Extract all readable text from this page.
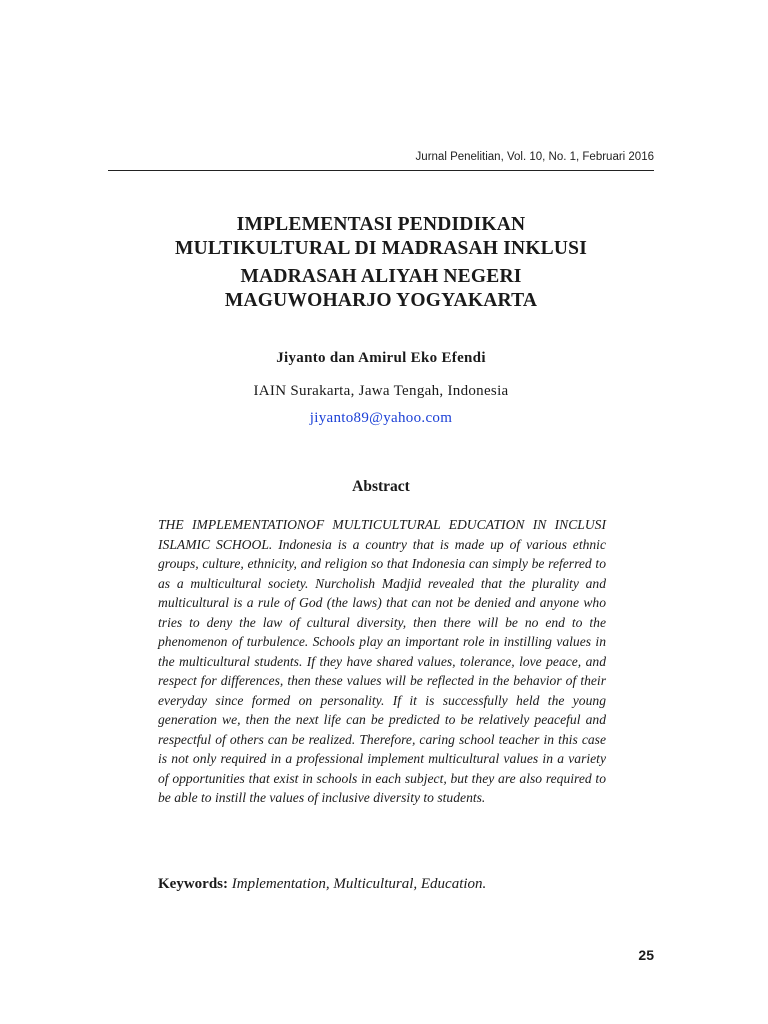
Jurnal Penelitian, Vol. 10, No. 1, Februari 2016
IMPLEMENTASI PENDIDIKAN
MULTIKULTURAL DI MADRASAH INKLUSI
MADRASAH ALIYAH NEGERI
MAGUWOHARJO YOGYAKARTA
Jiyanto dan Amirul Eko Efendi
IAIN Surakarta, Jawa Tengah, Indonesia
jiyanto89@yahoo.com
Abstract
THE IMPLEMENTATIONOF MULTICULTURAL EDUCATION IN INCLUSI ISLAMIC SCHOOL. Indonesia is a country that is made up of various ethnic groups, culture, ethnicity, and religion so that Indonesia can simply be referred to as a multicultural society. Nurcholish Madjid revealed that the plurality and multicultural is a rule of God (the laws) that can not be denied and anyone who tries to deny the law of cultural diversity, then there will be no end to the phenomenon of turbulence. Schools play an important role in instilling values in the multicultural students. If they have shared values, tolerance, love peace, and respect for differences, then these values will be reflected in the behavior of their everyday since formed on personality. If it is successfully held the young generation we, then the next life can be predicted to be relatively peaceful and respectful of others can be realized. Therefore, caring school teacher in this case is not only required in a professional implement multicultural values in a variety of opportunities that exist in schools in each subject, but they are also required to be able to instill the values of inclusive diversity to students.
Keywords: Implementation, Multicultural, Education.
25
